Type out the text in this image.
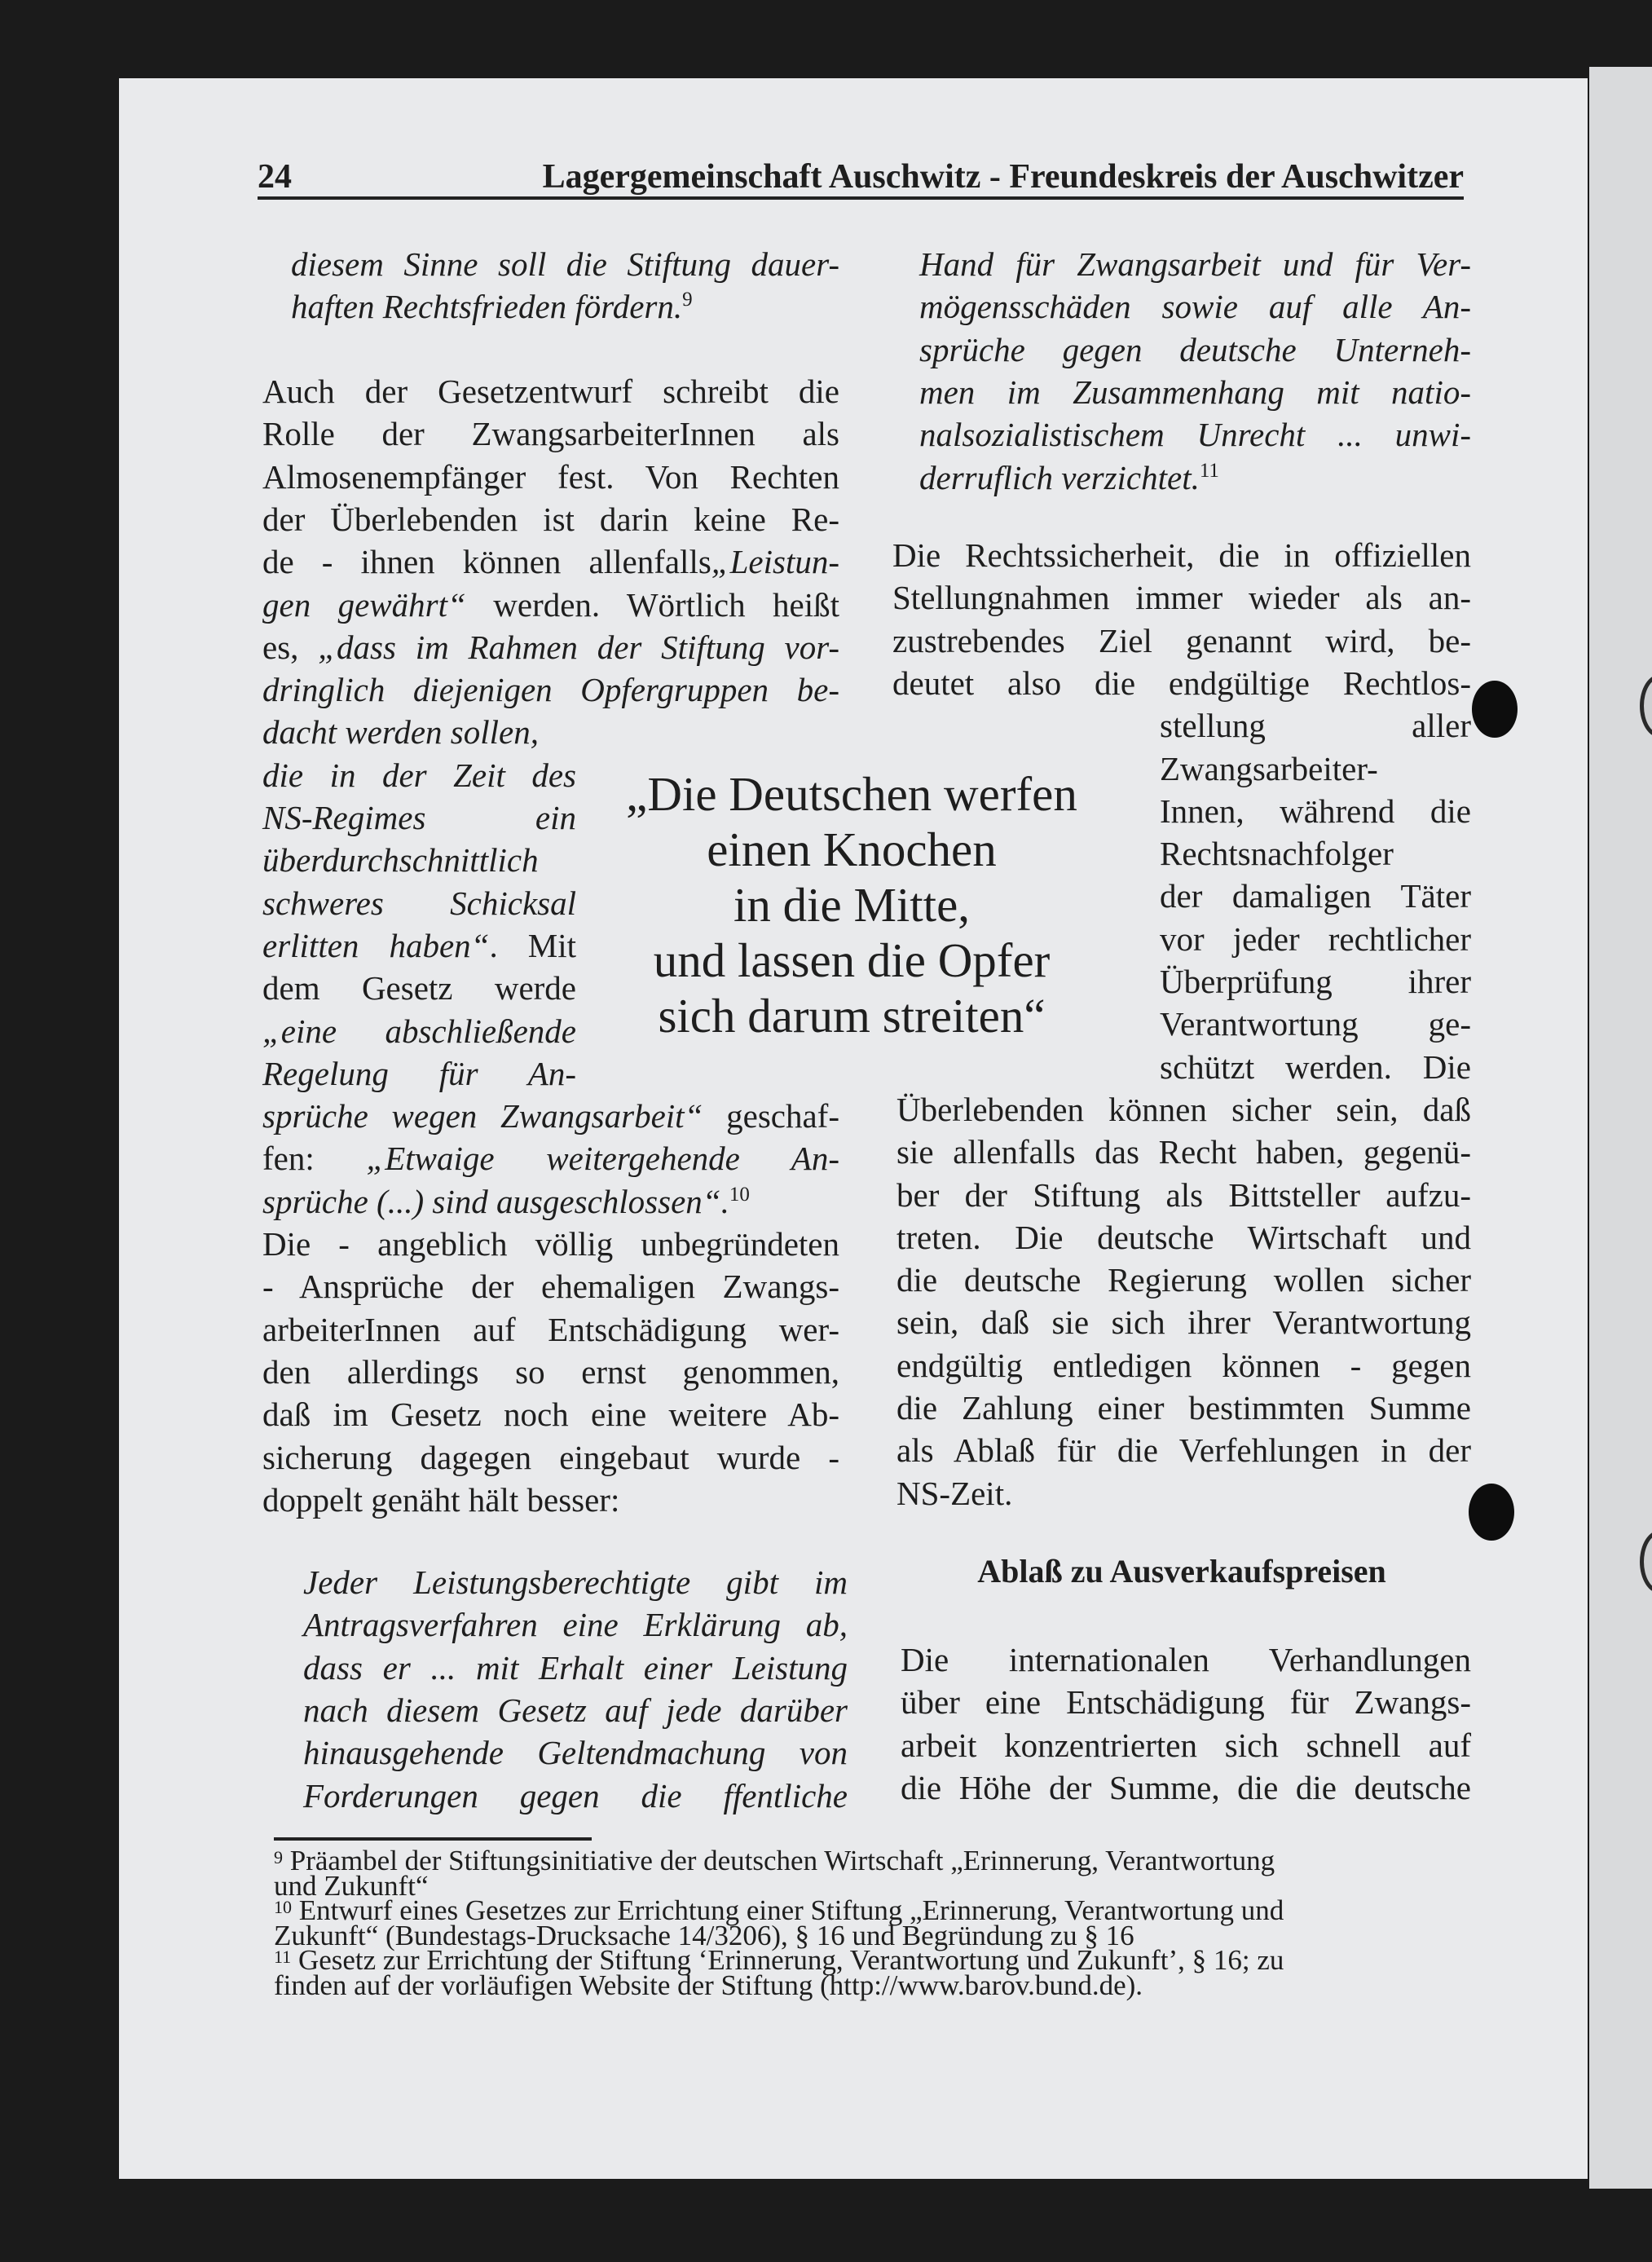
24	Lagergemeinschaft Auschwitz - Freundeskreis der Auschwitzer
diesem Sinne soll die Stiftung dauer-
haften Rechtsfrieden fördern.$^9$
Auch der Gesetzentwurf schreibt die
Rolle der ZwangsarbeiterInnen als
Almosenempfänger fest. Von Rechten
der Überlebenden ist darin keine Re-
de - ihnen können allenfalls„Leistun-
gen gewährt“ werden. Wörtlich heißt
es, „dass im Rahmen der Stiftung vor-
dringlich diejenigen Opfergruppen be-
dacht werden sollen,
die in der Zeit des
NS-Regimes ein
überdurchschnittlich
schweres Schicksal
erlitten haben“. Mit
dem Gesetz werde
„eine abschließende
Regelung für An-
sprüche wegen Zwangsarbeit“ geschaf-
fen: „Etwaige weitergehende An-
sprüche (...) sind ausgeschlossen“.$^{10}$
Die - angeblich völlig unbegründeten
- Ansprüche der ehemaligen Zwangs-
arbeiterInnen auf Entschädigung wer-
den allerdings so ernst genommen,
daß im Gesetz noch eine weitere Ab-
sicherung dagegen eingebaut wurde -
doppelt genäht hält besser:
Jeder Leistungsberechtigte gibt im
Antragsverfahren eine Erklärung ab,
dass er ... mit Erhalt einer Leistung
nach diesem Gesetz auf jede darüber
hinausgehende Geltendmachung von
Forderungen gegen die ffentliche
Hand für Zwangsarbeit und für Ver-
mögensschäden sowie auf alle An-
sprüche gegen deutsche Unterneh-
men im Zusammenhang mit natio-
nalsozialistischem Unrecht ... unwi-
derruflich verzichtet.$^{11}$
Die Rechtssicherheit, die in offiziellen
Stellungnahmen immer wieder als an-
zustrebendes Ziel genannt wird, be-
deutet also die endgültige Rechtlos-
stellung aller
Zwangsarbeiter-
Innen, während die
Rechtsnachfolger
der damaligen Täter
vor jeder rechtlicher
Überprüfung ihrer
Verantwortung ge-
schützt werden. Die
Überlebenden können sicher sein, daß
sie allenfalls das Recht haben, gegenü-
ber der Stiftung als Bittsteller aufzu-
treten. Die deutsche Wirtschaft und
die deutsche Regierung wollen sicher
sein, daß sie sich ihrer Verantwortung
endgültig entledigen können - gegen
die Zahlung einer bestimmten Summe
als Ablaß für die Verfehlungen in der
NS-Zeit.
Die internationalen Verhandlungen
über eine Entschädigung für Zwangs-
arbeit konzentrierten sich schnell auf
die Höhe der Summe, die die deutsche
„Die Deutschen werfen
einen Knochen
in die Mitte,
und lassen die Opfer
sich darum streiten“
Ablaß zu Ausverkaufspreisen
$^9$ Präambel der Stiftungsinitiative der deutschen Wirtschaft „Erinnerung, Verantwortung
und Zukunft“
$^{10}$ Entwurf eines Gesetzes zur Errichtung einer Stiftung „Erinnerung, Verantwortung und
Zukunft“ (Bundestags-Drucksache 14/3206), § 16 und Begründung zu § 16
$^{11}$ Gesetz zur Errichtung der Stiftung ‘Erinnerung, Verantwortung und Zukunft’, § 16; zu
finden auf der vorläufigen Website der Stiftung (http://www.barov.bund.de).
